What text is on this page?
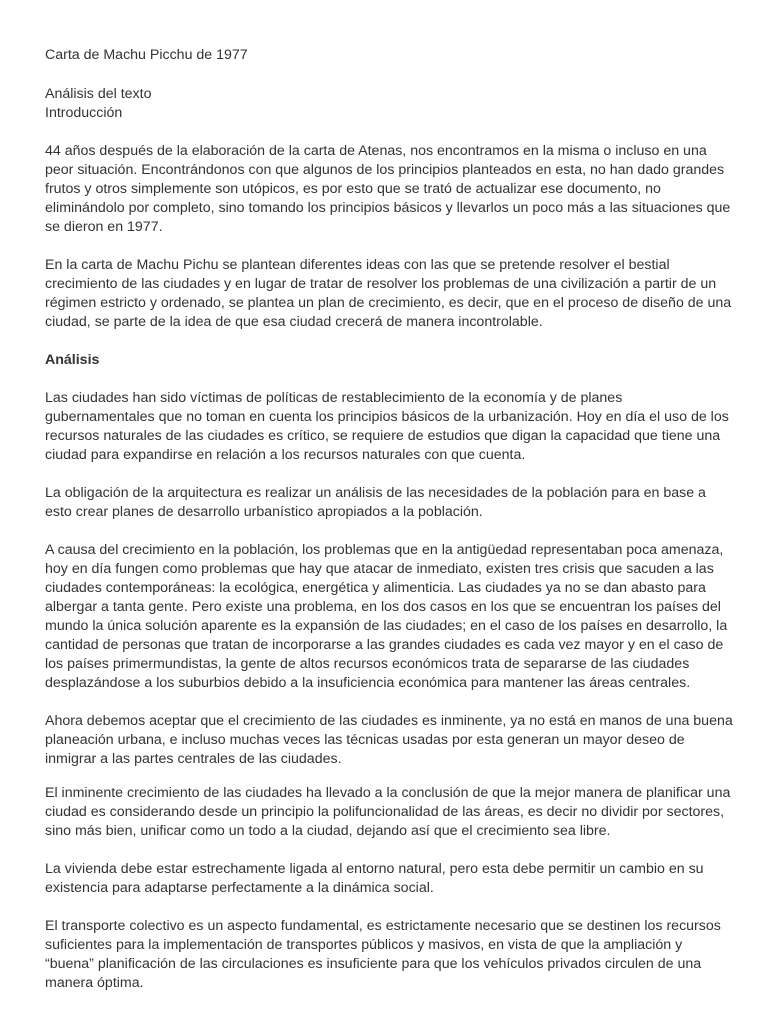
Carta de Machu Picchu de 1977

Análisis del texto

Introducción

44 años después de la elaboración de la carta de Atenas, nos encontramos en la misma o incluso en una peor situación. Encontrándonos con que algunos de los principios planteados en esta, no han dado grandes frutos y otros simplemente son utópicos, es por esto que se trató de actualizar ese documento, no eliminándolo por completo, sino tomando los principios básicos y llevarlos un poco más a las situaciones que se dieron en 1977.

En la carta de Machu Pichu se plantean diferentes ideas con las que se pretende resolver el bestial crecimiento de las ciudades y en lugar de tratar de resolver los problemas de una civilización a partir de un régimen estricto y ordenado, se plantea un plan de crecimiento, es decir, que en el proceso de diseño de una ciudad, se parte de la idea de que esa ciudad crecerá de manera incontrolable.

Análisis

Las ciudades han sido víctimas de políticas de restablecimiento de la economía y de planes gubernamentales que no toman en cuenta los principios básicos de la urbanización. Hoy en día el uso de los recursos naturales de las ciudades es crítico, se requiere de estudios que digan la capacidad que tiene una ciudad para expandirse en relación a los recursos naturales con que cuenta.

La obligación de la arquitectura es realizar un análisis de las necesidades de la población para en base a esto crear planes de desarrollo urbanístico apropiados a la población.

A causa del crecimiento en la población, los problemas que en la antigüedad representaban poca amenaza, hoy en día fungen como problemas que hay que atacar de inmediato, existen tres crisis que sacuden a las ciudades contemporáneas: la ecológica, energética y alimenticia. Las ciudades ya no se dan abasto para albergar a tanta gente. Pero existe una problema, en los dos casos en los que se encuentran los países del mundo la única solución aparente es la expansión de las ciudades; en el caso de los países en desarrollo, la cantidad de personas que tratan de incorporarse a las grandes ciudades es cada vez mayor y en el caso de los países primermundistas, la gente de altos recursos económicos trata de separarse de las ciudades desplazándose a los suburbios debido a la insuficiencia económica para mantener las áreas centrales.

Ahora debemos aceptar que el crecimiento de las ciudades es inminente, ya no está en manos de una buena planeación urbana, e incluso muchas veces las técnicas usadas por esta generan un mayor deseo de inmigrar a las partes centrales de las ciudades.

El inminente crecimiento de las ciudades ha llevado a la conclusión de que la mejor manera de planificar una ciudad es considerando desde un principio la polifuncionalidad de las áreas, es decir no dividir por sectores, sino más bien, unificar como un todo a la ciudad, dejando así que el crecimiento sea libre.

La vivienda debe estar estrechamente ligada al entorno natural, pero esta debe permitir un cambio en su existencia para adaptarse perfectamente a la dinámica social.

El transporte colectivo es un aspecto fundamental, es estrictamente necesario que se destinen los recursos suficientes para la implementación de transportes públicos y masivos, en vista de que la ampliación y “buena” planificación de las circulaciones es insuficiente para que los vehículos privados circulen de una manera óptima.
